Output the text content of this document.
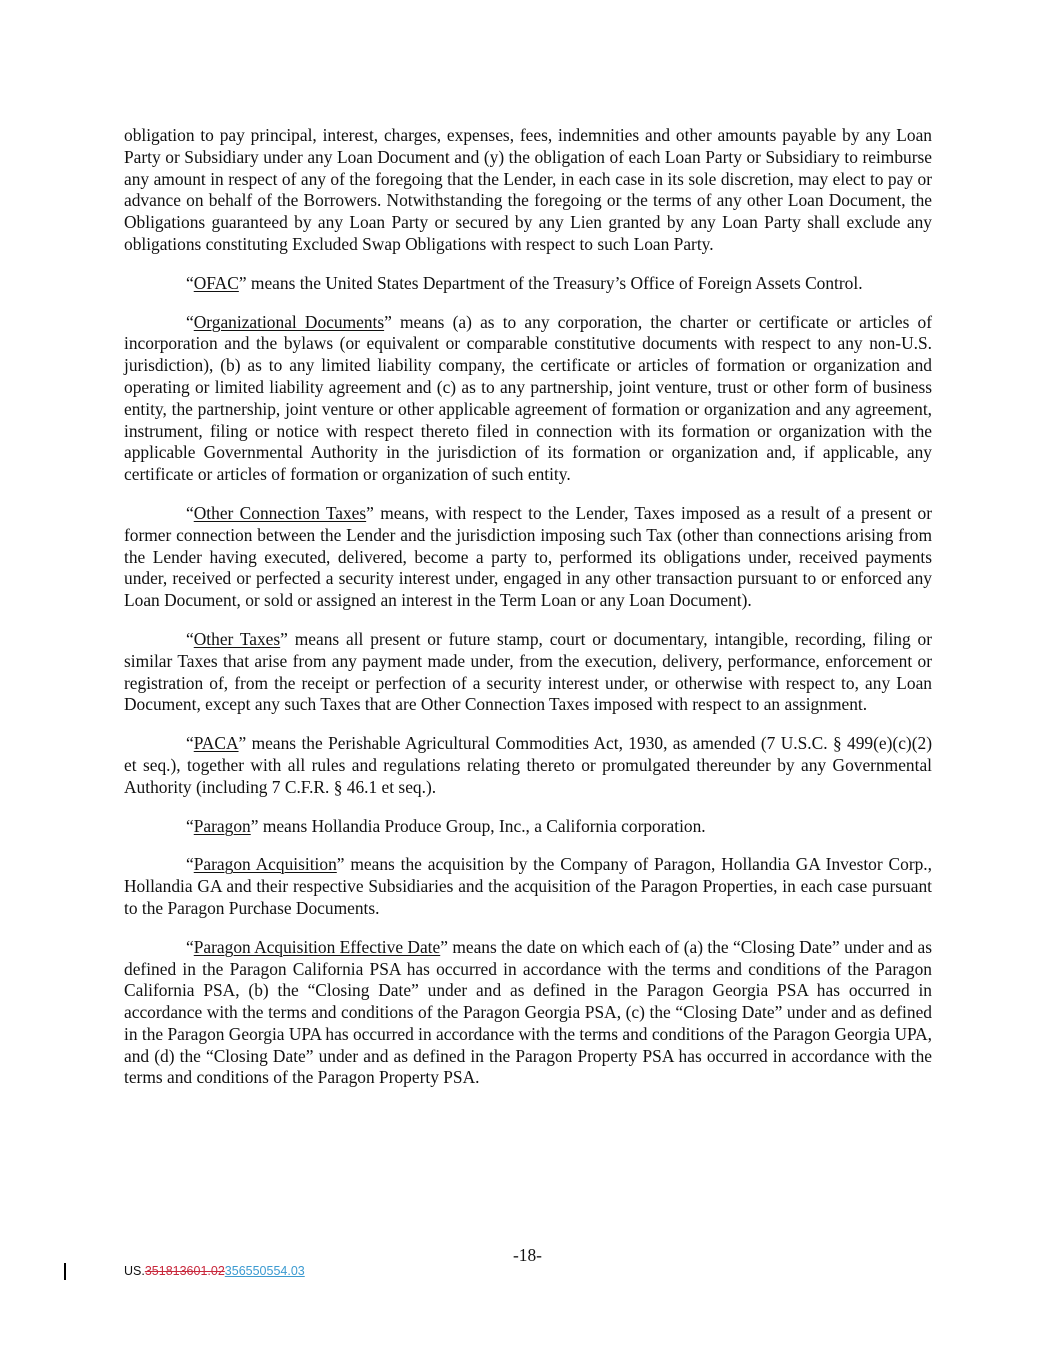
obligation to pay principal, interest, charges, expenses, fees, indemnities and other amounts payable by any Loan Party or Subsidiary under any Loan Document and (y) the obligation of each Loan Party or Subsidiary to reimburse any amount in respect of any of the foregoing that the Lender, in each case in its sole discretion, may elect to pay or advance on behalf of the Borrowers. Notwithstanding the foregoing or the terms of any other Loan Document, the Obligations guaranteed by any Loan Party or secured by any Lien granted by any Loan Party shall exclude any obligations constituting Excluded Swap Obligations with respect to such Loan Party.

“OFAC” means the United States Department of the Treasury’s Office of Foreign Assets Control.

“Organizational Documents” means (a) as to any corporation, the charter or certificate or articles of incorporation and the bylaws (or equivalent or comparable constitutive documents with respect to any non-U.S. jurisdiction), (b) as to any limited liability company, the certificate or articles of formation or organization and operating or limited liability agreement and (c) as to any partnership, joint venture, trust or other form of business entity, the partnership, joint venture or other applicable agreement of formation or organization and any agreement, instrument, filing or notice with respect thereto filed in connection with its formation or organization with the applicable Governmental Authority in the jurisdiction of its formation or organization and, if applicable, any certificate or articles of formation or organization of such entity.

“Other Connection Taxes” means, with respect to the Lender, Taxes imposed as a result of a present or former connection between the Lender and the jurisdiction imposing such Tax (other than connections arising from the Lender having executed, delivered, become a party to, performed its obligations under, received payments under, received or perfected a security interest under, engaged in any other transaction pursuant to or enforced any Loan Document, or sold or assigned an interest in the Term Loan or any Loan Document).

“Other Taxes” means all present or future stamp, court or documentary, intangible, recording, filing or similar Taxes that arise from any payment made under, from the execution, delivery, performance, enforcement or registration of, from the receipt or perfection of a security interest under, or otherwise with respect to, any Loan Document, except any such Taxes that are Other Connection Taxes imposed with respect to an assignment.

“PACA” means the Perishable Agricultural Commodities Act, 1930, as amended (7 U.S.C. § 499(e)(c)(2) et seq.), together with all rules and regulations relating thereto or promulgated thereunder by any Governmental Authority (including 7 C.F.R. § 46.1 et seq.).

“Paragon” means Hollandia Produce Group, Inc., a California corporation.

“Paragon Acquisition” means the acquisition by the Company of Paragon, Hollandia GA Investor Corp., Hollandia GA and their respective Subsidiaries and the acquisition of the Paragon Properties, in each case pursuant to the Paragon Purchase Documents.

“Paragon Acquisition Effective Date” means the date on which each of (a) the “Closing Date” under and as defined in the Paragon California PSA has occurred in accordance with the terms and conditions of the Paragon California PSA, (b) the “Closing Date” under and as defined in the Paragon Georgia PSA has occurred in accordance with the terms and conditions of the Paragon Georgia PSA, (c) the “Closing Date” under and as defined in the Paragon Georgia UPA has occurred in accordance with the terms and conditions of the Paragon Georgia UPA, and (d) the “Closing Date” under and as defined in the Paragon Property PSA has occurred in accordance with the terms and conditions of the Paragon Property PSA.

-18-
US.351813601.02356550554.03
